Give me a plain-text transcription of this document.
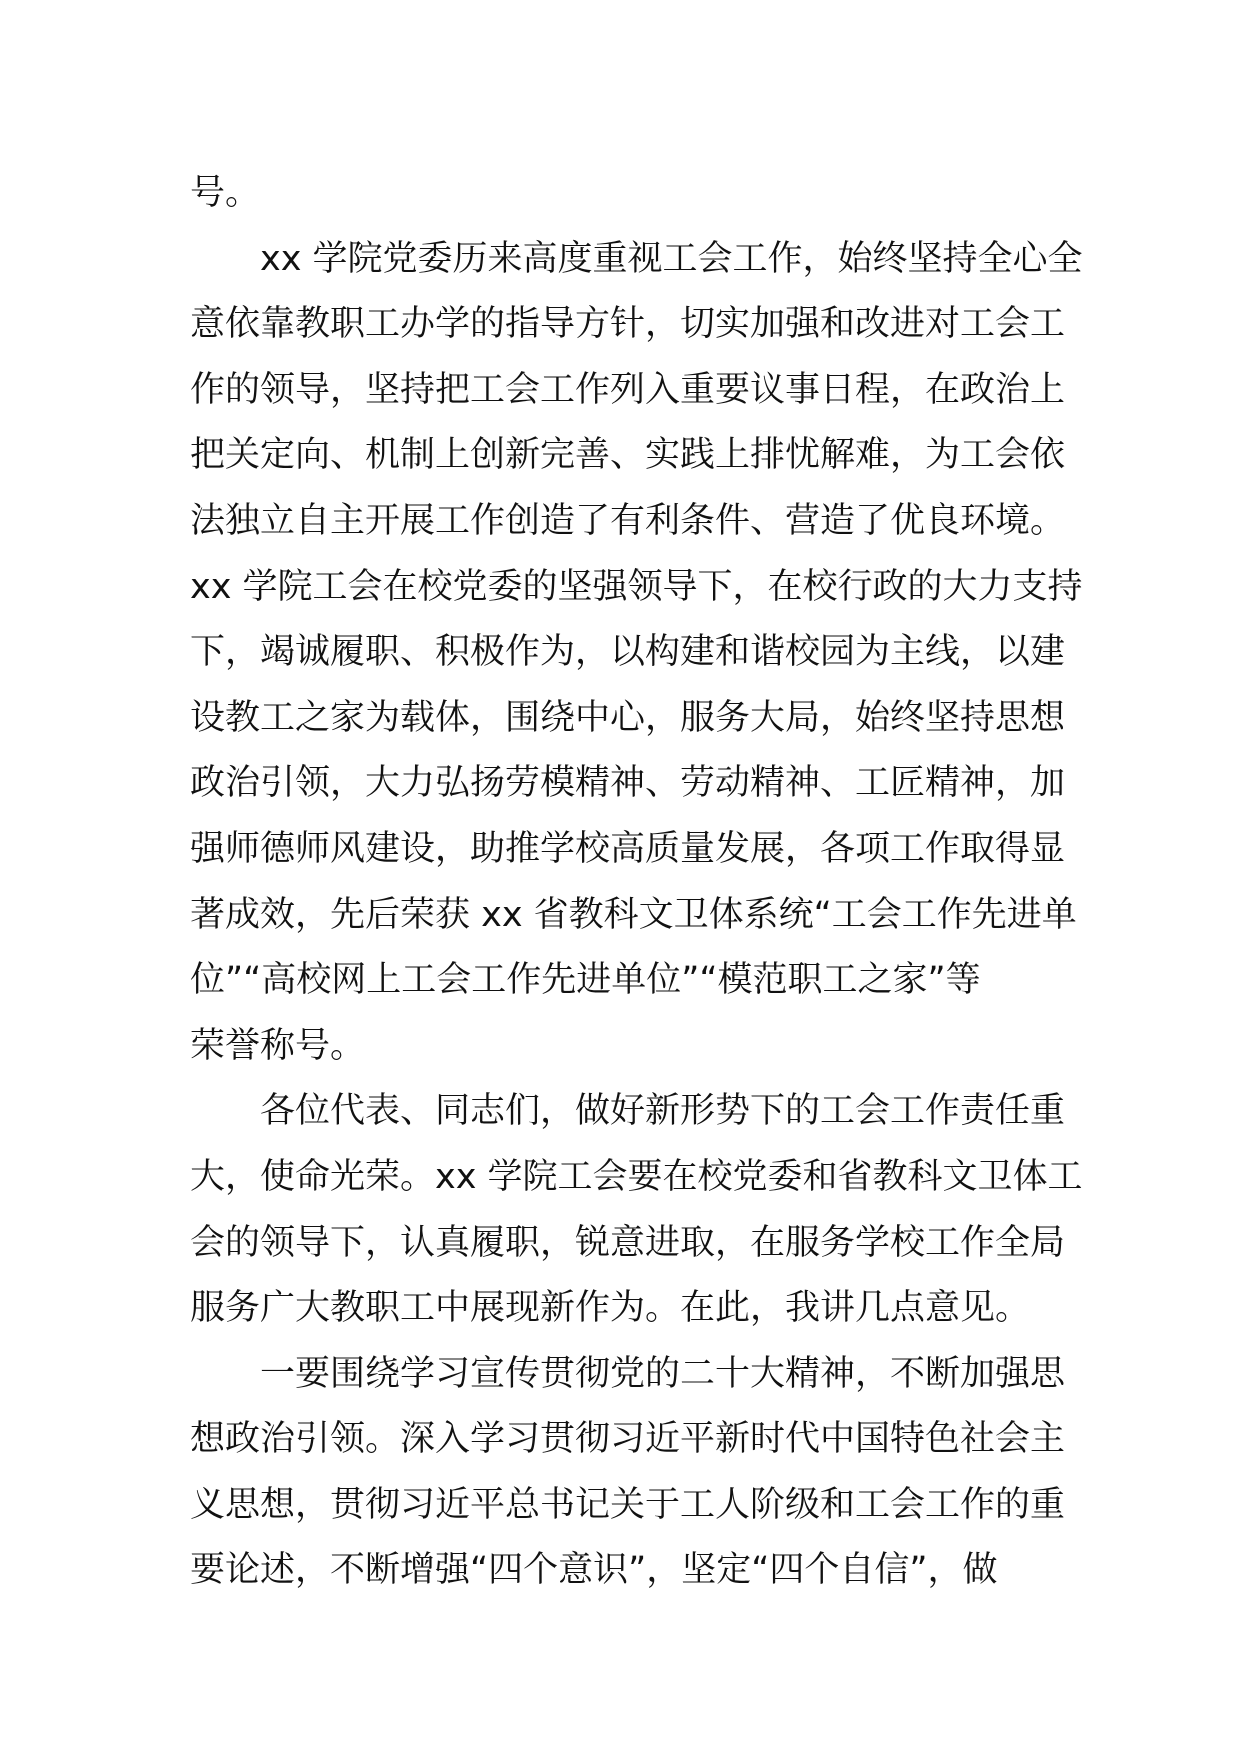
号。
xx 学院党委历来高度重视工会工作，始终坚持全心全
意依靠教职工办学的指导方针，切实加强和改进对工会工
作的领导，坚持把工会工作列入重要议事日程，在政治上
把关定向、机制上创新完善、实践上排忧解难，为工会依
法独立自主开展工作创造了有利条件、营造了优良环境。
xx 学院工会在校党委的坚强领导下，在校行政的大力支持
下，竭诚履职、积极作为，以构建和谐校园为主线，以建
设教工之家为载体，围绕中心，服务大局，始终坚持思想
政治引领，大力弘扬劳模精神、劳动精神、工匠精神，加
强师德师风建设，助推学校高质量发展，各项工作取得显
著成效，先后荣获 xx 省教科文卫体系统“工会工作先进单
位”“高校网上工会工作先进单位”“模范职工之家”等
荣誉称号。
各位代表、同志们，做好新形势下的工会工作责任重
大，使命光荣。xx 学院工会要在校党委和省教科文卫体工
会的领导下，认真履职，锐意进取，在服务学校工作全局
服务广大教职工中展现新作为。在此，我讲几点意见。
一要围绕学习宣传贯彻党的二十大精神，不断加强思
想政治引领。深入学习贯彻习近平新时代中国特色社会主
义思想，贯彻习近平总书记关于工人阶级和工会工作的重
要论述，不断增强“四个意识”，坚定“四个自信”，做
